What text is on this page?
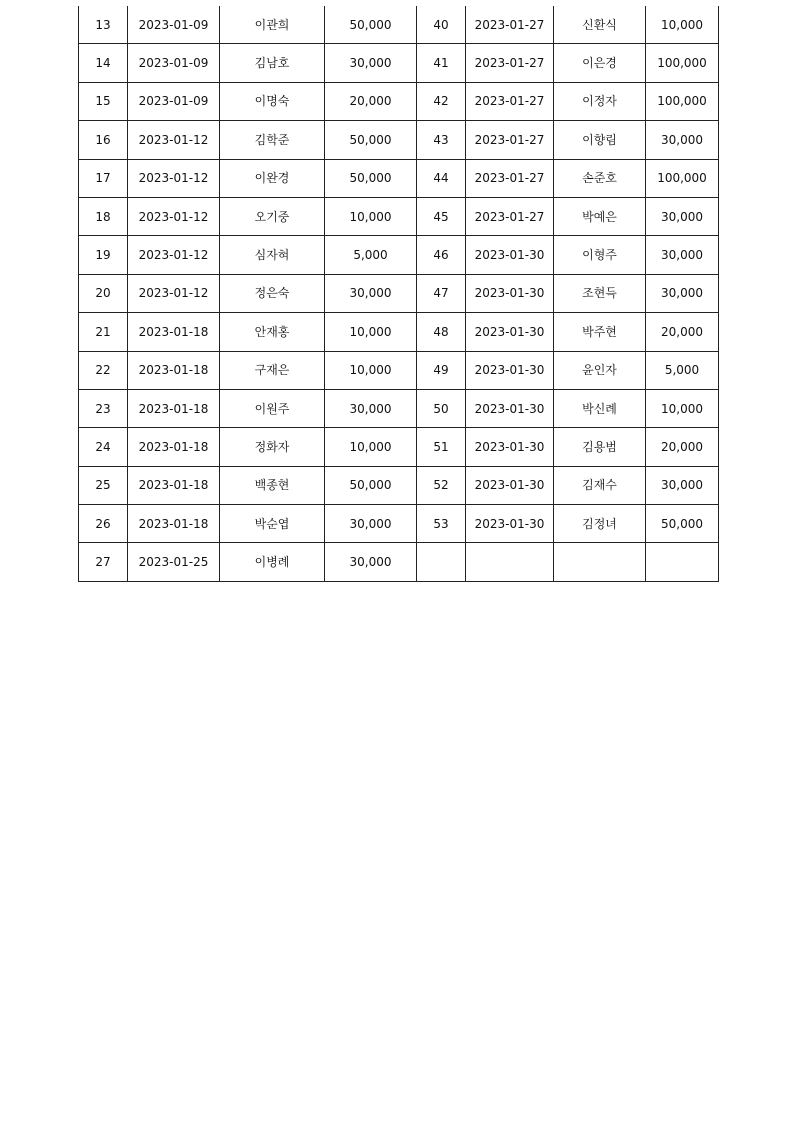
13	2023-01-09	이관희	50,000	40	2023-01-27	신환식	10,000
14	2023-01-09	김남호	30,000	41	2023-01-27	이은경	100,000
15	2023-01-09	이명숙	20,000	42	2023-01-27	이정자	100,000
16	2023-01-12	김학준	50,000	43	2023-01-27	이향림	30,000
17	2023-01-12	이완경	50,000	44	2023-01-27	손준호	100,000
18	2023-01-12	오기중	10,000	45	2023-01-27	박예은	30,000
19	2023-01-12	심자혀	5,000	46	2023-01-30	이형주	30,000
20	2023-01-12	정은숙	30,000	47	2023-01-30	조현득	30,000
21	2023-01-18	안재홍	10,000	48	2023-01-30	박주현	20,000
22	2023-01-18	구재은	10,000	49	2023-01-30	윤인자	5,000
23	2023-01-18	이원주	30,000	50	2023-01-30	박신례	10,000
24	2023-01-18	정화자	10,000	51	2023-01-30	김용범	20,000
25	2023-01-18	백종현	50,000	52	2023-01-30	김재수	30,000
26	2023-01-18	박순엽	30,000	53	2023-01-30	김정녀	50,000
27	2023-01-25	이병례	30,000				
